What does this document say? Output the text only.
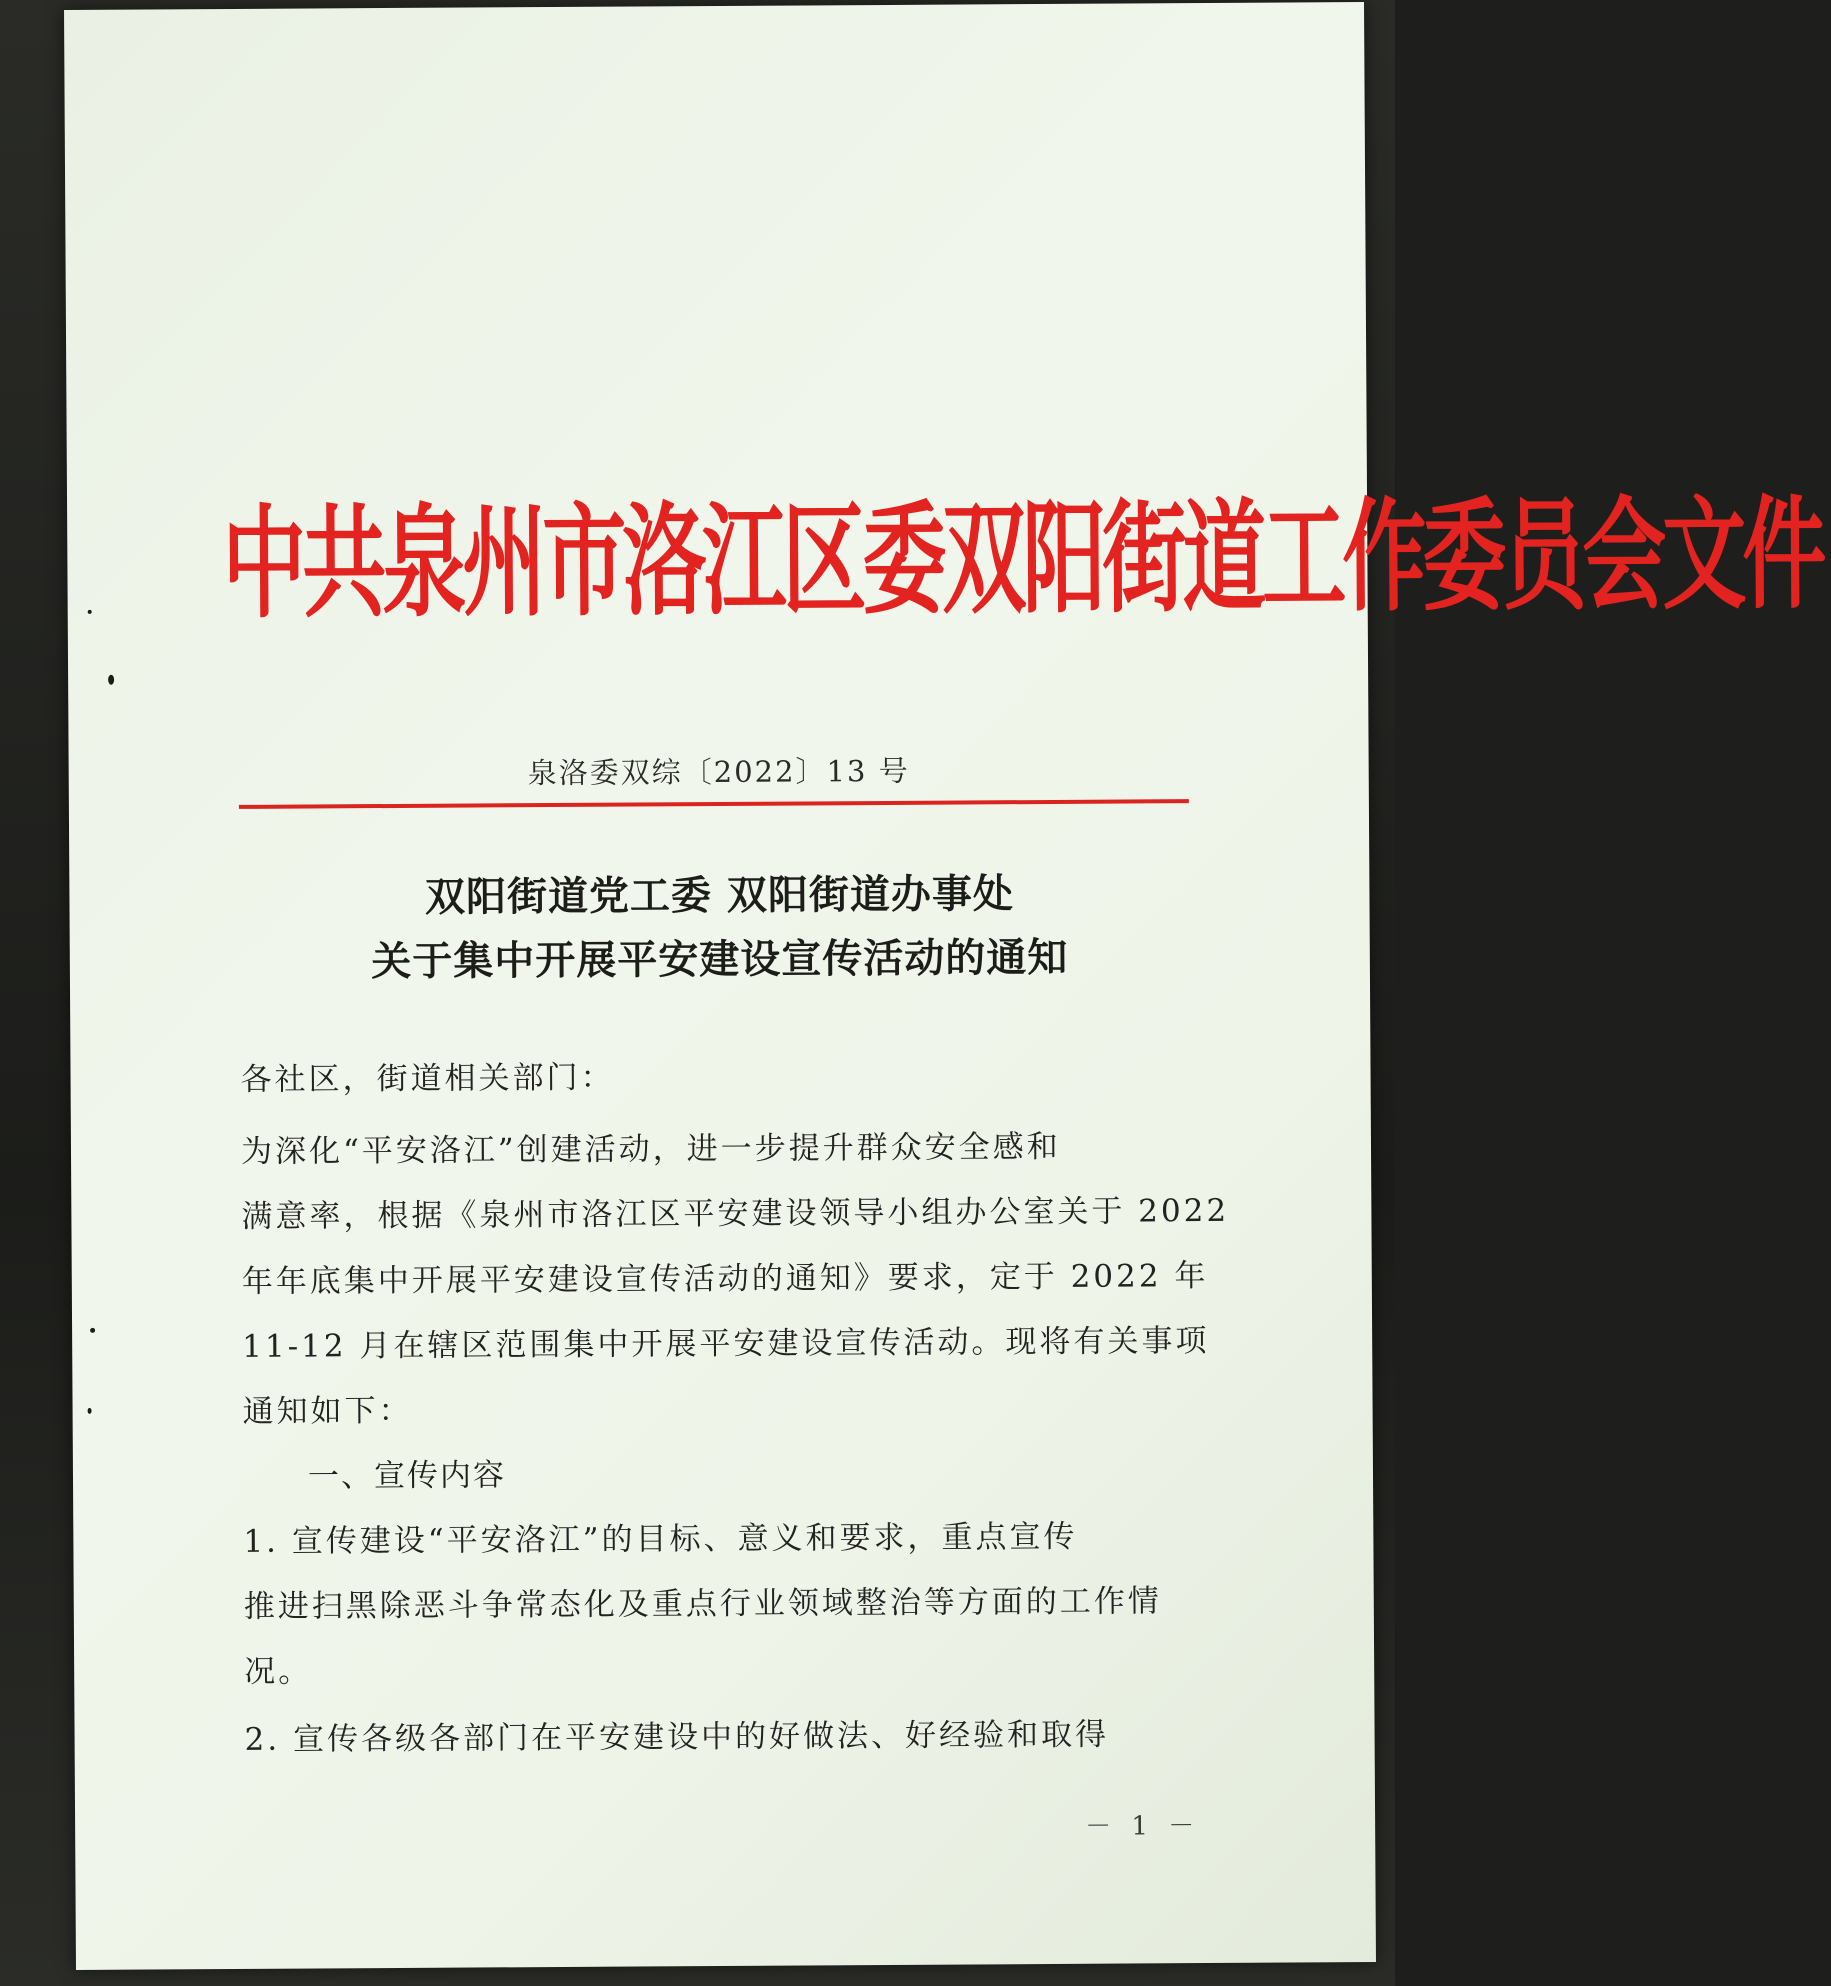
中共泉州市洛江区委双阳街道工作委员会文件
泉洛委双综〔2022〕13 号
双阳街道党工委 双阳街道办事处
关于集中开展平安建设宣传活动的通知
各社区，街道相关部门：
为深化“平安洛江”创建活动，进一步提升群众安全感和
满意率，根据《泉州市洛江区平安建设领导小组办公室关于 2022
年年底集中开展平安建设宣传活动的通知》要求，定于 2022 年
11-12 月在辖区范围集中开展平安建设宣传活动。现将有关事项
通知如下：
一、宣传内容
1. 宣传建设“平安洛江”的目标、意义和要求，重点宣传
推进扫黑除恶斗争常态化及重点行业领域整治等方面的工作情
况。
2. 宣传各级各部门在平安建设中的好做法、好经验和取得
－ 1 －
